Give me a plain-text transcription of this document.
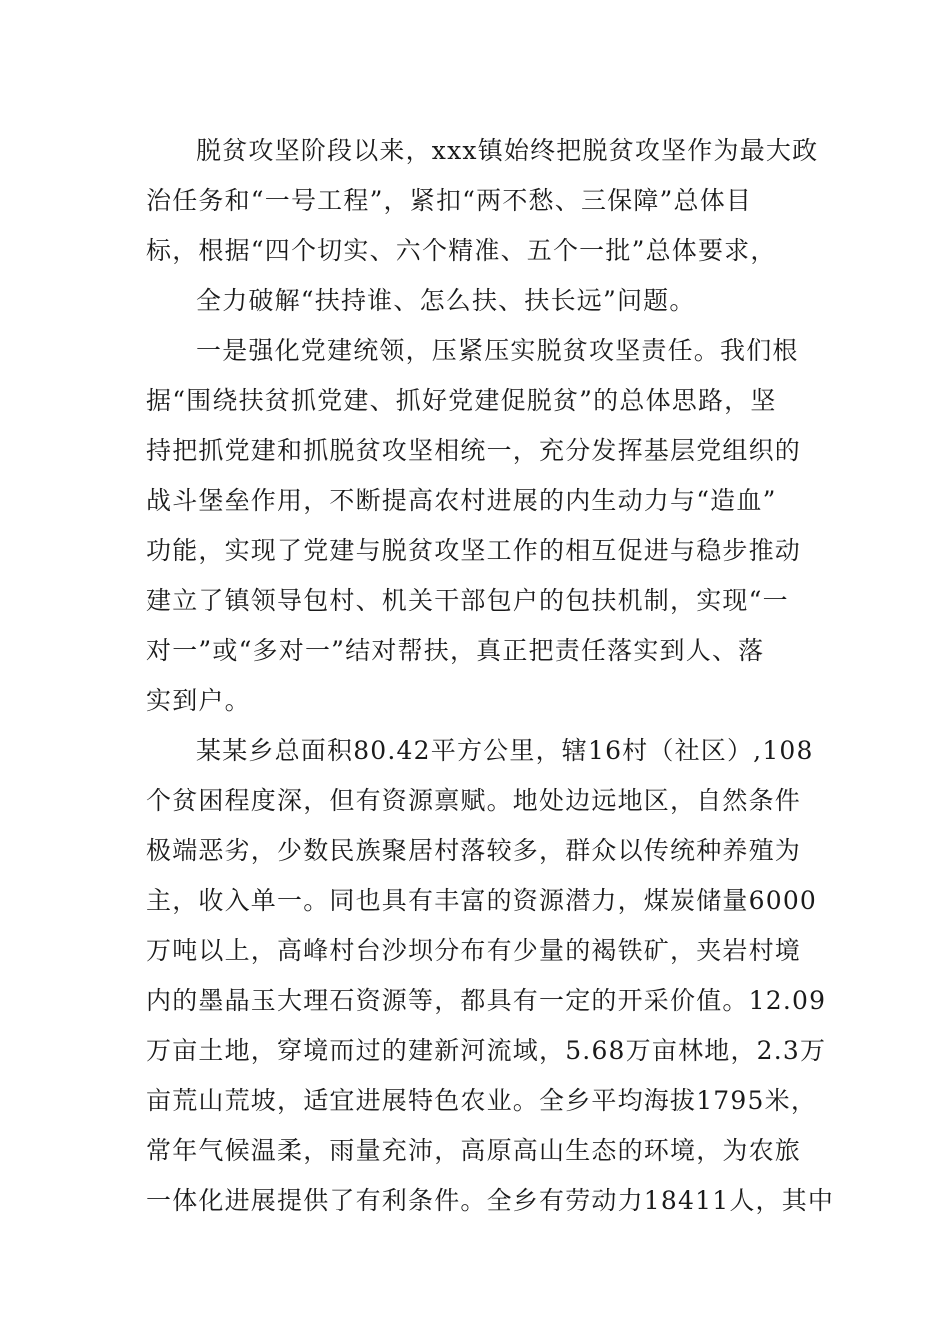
脱贫攻坚阶段以来，xxx镇始终把脱贫攻坚作为最大政
治任务和“一号工程”，紧扣“两不愁、三保障”总体目
标，根据“四个切实、六个精准、五个一批”总体要求，
全力破解“扶持谁、怎么扶、扶长远”问题。
一是强化党建统领，压紧压实脱贫攻坚责任。我们根
据“围绕扶贫抓党建、抓好党建促脱贫”的总体思路，坚
持把抓党建和抓脱贫攻坚相统一，充分发挥基层党组织的
战斗堡垒作用，不断提高农村进展的内生动力与“造血”
功能，实现了党建与脱贫攻坚工作的相互促进与稳步推动
建立了镇领导包村、机关干部包户的包扶机制，实现“一
对一”或“多对一”结对帮扶，真正把责任落实到人、落
实到户。
某某乡总面积80.42平方公里，辖16村（社区）,108
个贫困程度深，但有资源禀赋。地处边远地区，自然条件
极端恶劣，少数民族聚居村落较多，群众以传统种养殖为
主，收入单一。同也具有丰富的资源潜力，煤炭储量6000
万吨以上，高峰村台沙坝分布有少量的褐铁矿，夹岩村境
内的墨晶玉大理石资源等，都具有一定的开采价值。12.09
万亩土地，穿境而过的建新河流域，5.68万亩林地，2.3万
亩荒山荒坡，适宜进展特色农业。全乡平均海拔1795米，
常年气候温柔，雨量充沛，高原高山生态的环境，为农旅
一体化进展提供了有利条件。全乡有劳动力18411人，其中
